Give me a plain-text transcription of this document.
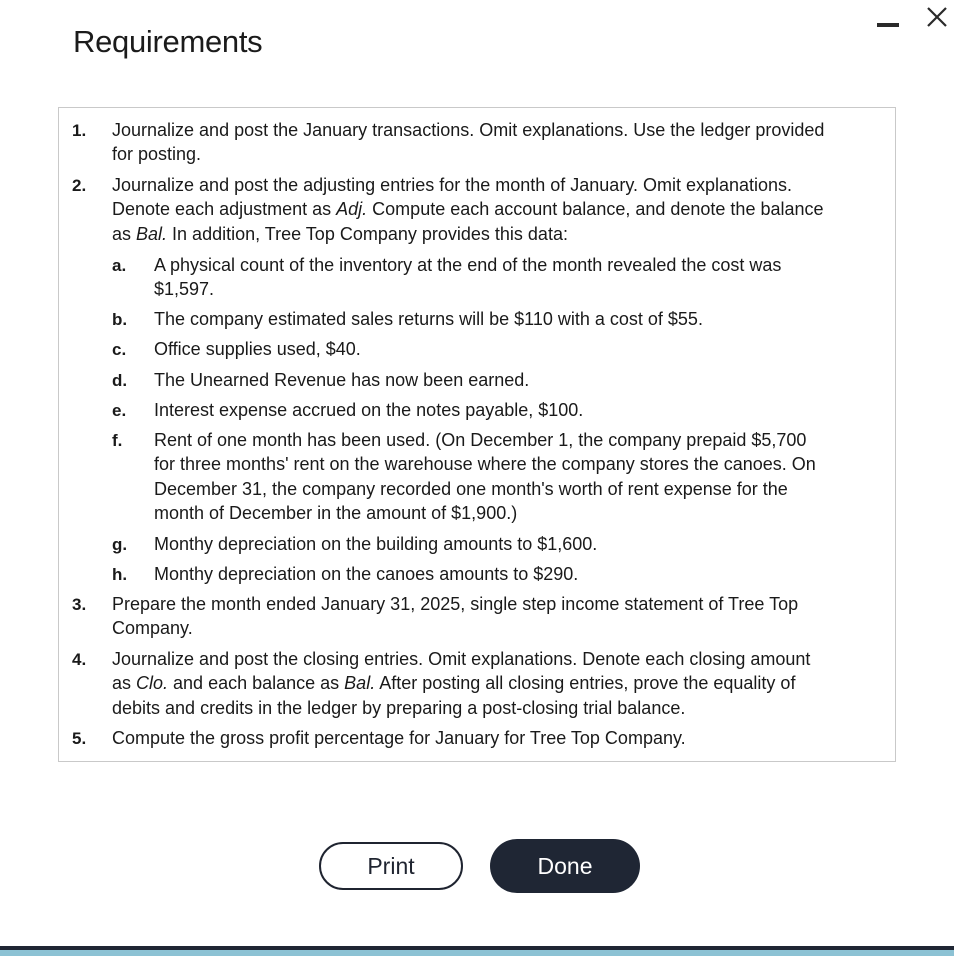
Requirements
1. Journalize and post the January transactions. Omit explanations. Use the ledger provided
for posting.
2. Journalize and post the adjusting entries for the month of January. Omit explanations.
Denote each adjustment as Adj. Compute each account balance, and denote the balance
as Bal. In addition, Tree Top Company provides this data:
3. Prepare the month ended January 31, 2025, single step income statement of Tree Top
Company.
4. Journalize and post the closing entries. Omit explanations. Denote each closing amount
as Clo. and each balance as Bal. After posting all closing entries, prove the equality of
debits and credits in the ledger by preparing a post-closing trial balance.
5. Compute the gross profit percentage for January for Tree Top Company.
a. A physical count of the inventory at the end of the month revealed the cost was
$1,597.
b. The company estimated sales returns will be $110 with a cost of $55.
c. Office supplies used, $40.
d. The Unearned Revenue has now been earned.
e. Interest expense accrued on the notes payable, $100.
f. Rent of one month has been used. (On December 1, the company prepaid $5,700
for three months' rent on the warehouse where the company stores the canoes. On
December 31, the company recorded one month's worth of rent expense for the
month of December in the amount of $1,900.)
g. Monthy depreciation on the building amounts to $1,600.
h. Monthy depreciation on the canoes amounts to $290.
Print	Done
